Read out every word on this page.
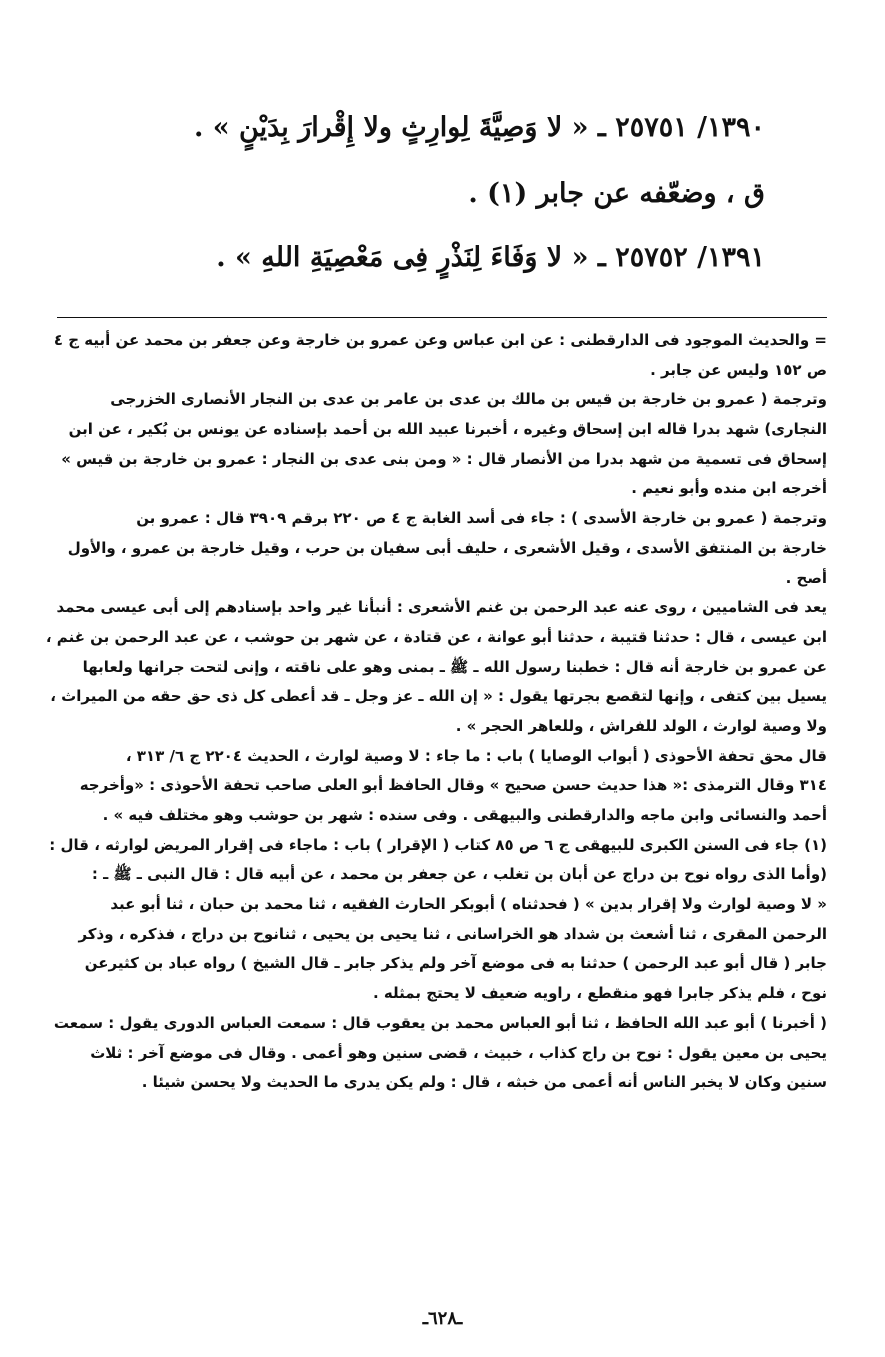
١٣٩٠/ ٢٥٧٥١ ـ « لا وَصِيَّةَ لِوارِثٍ ولا إِقْرارَ بِدَيْنٍ » .
ق ، وضعّفه عن جابر (١) .
١٣٩١/ ٢٥٧٥٢ ـ « لا وَفَاءَ لِنَذْرٍ فِى مَعْصِيَةِ اللهِ » .
= والحديث الموجود فى الدارقطنى : عن ابن عباس وعن عمرو بن خارجة وعن جعفر بن محمد عن أبيه ج ٤
ص ١٥٢ وليس عن جابر .
وترجمة ( عمرو بن خارجة بن قيس بن مالك بن عدى بن عامر بن عدى بن النجار الأنصارى الخزرجى
النجارى) شهد بدرا قاله ابن إسحاق وغيره ، أخبرنا عبيد الله بن أحمد بإسناده عن يونس بن بُكير ، عن ابن
إسحاق فى تسمية من شهد بدرا من الأنصار قال : « ومن بنى عدى بن النجار : عمرو بن خارجة بن قيس »
أخرجه ابن منده وأبو نعيم .
وترجمة ( عمرو بن خارجة الأسدى ) : جاء فى أسد الغابة ج ٤ ص ٢٢٠ برقم ٣٩٠٩ قال : عمرو بن
خارجة بن المنتفق الأسدى ، وقيل الأشعرى ، حليف أبى سفيان بن حرب ، وقيل خارجة بن عمرو ، والأول
أصح .
يعد فى الشاميين ، روى عنه عبد الرحمن بن غنم الأشعرى : أنبأنا غير واحد بإسنادهم إلى أبى عيسى محمد
ابن عيسى ، قال : حدثنا قتيبة ، حدثنا أبو عوانة ، عن قتادة ، عن شهر بن حوشب ، عن عبد الرحمن بن غنم ،
عن عمرو بن خارجة أنه قال : خطبنا رسول الله ـ ﷺ ـ بمنى وهو على ناقته ، وإنى لتحت جرانها ولعابها
يسيل بين كتفى ، وإنها لتقصع بجرتها يقول : « إن الله ـ عز وجل ـ قد أعطى كل ذى حق حقه من الميراث ،
ولا وصية لوارث ، الولد للفراش ، وللعاهر الحجر » .
قال محق تحفة الأحوذى ( أبواب الوصايا ) باب : ما جاء : لا وصية لوارث ، الحديث ٢٢٠٤ ج ٦/ ٣١٣ ،
٣١٤ وقال الترمذى :« هذا حديث حسن صحيح » وقال الحافظ أبو العلى صاحب تحفة الأحوذى : «وأخرجه
أحمد والنسائى وابن ماجه والدارقطنى والبيهقى . وفى سنده : شهر بن حوشب وهو مختلف فيه » .
(١) جاء فى السنن الكبرى للبيهقى ج ٦ ص ٨٥ كتاب ( الإقرار ) باب : ماجاء فى إقرار المريض لوارثه ، قال :
(وأما الذى رواه نوح بن دراج عن أبان بن تغلب ، عن جعفر بن محمد ، عن أبيه قال : قال النبى ـ ﷺ ـ :
« لا وصية لوارث ولا إقرار بدين » ( فحدثناه ) أبوبكر الحارث الفقيه ، ثنا محمد بن حبان ، ثنا أبو عبد
الرحمن المقرى ، ثنا أشعث بن شداد هو الخراسانى ، ثنا يحيى بن يحيى ، ثنانوح بن دراج ، فذكره ، وذكر
جابر ( قال أبو عبد الرحمن ) حدثنا به فى موضع آخر ولم يذكر جابر ـ قال الشيخ ) رواه عباد بن كثيرعن
نوح ، فلم يذكر جابرا فهو منقطع ، راويه ضعيف لا يحتج بمثله .
( أخبرنا ) أبو عبد الله الحافظ ، ثنا أبو العباس محمد بن يعقوب قال : سمعت العباس الدورى يقول : سمعت
يحيى بن معين يقول : نوح بن راج كذاب ، خبيث ، قضى سنين وهو أعمى . وقال فى موضع آخر : ثلاث
سنين وكان لا يخبر الناس أنه أعمى من خبثه ، قال : ولم يكن يدرى ما الحديث ولا يحسن شيئا .
ـ٦٢٨ـ
